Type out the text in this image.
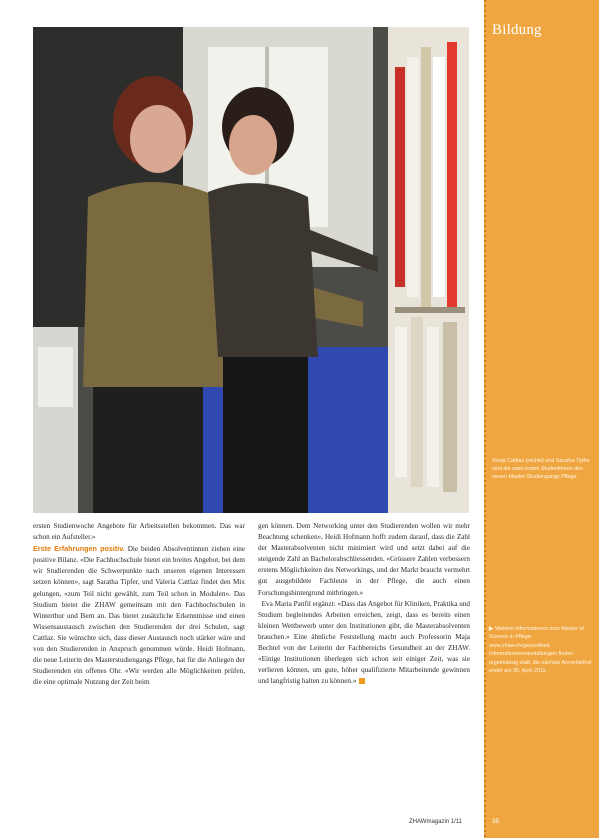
Bildung
Sonja Cattlaz (rechts) und Saratha Tipfer sind die zwei ersten Studentinnen des neuen Master-Studiengangs Pflege.
▶ Weitere Informationen zum Master of Science in Pflege: www.zhaw.ch/gesundheit. Informationsveranstaltungen finden regelmässig statt; die nächste Anmeldefrist endet am 30. April 2011.

ersten Studienwoche Angebote für Arbeitsstellen bekommen. Das war schon ein Aufsteller.»

Erste Erfahrungen positiv. Die beiden Absolventinnen ziehen eine positive Bilanz. «Die Fachhochschule bietet ein breites Angebot, bei dem wir Studierenden die Schwerpunkte nach unseren eigenen Interessen setzen können», sagt Saratha Tipfer, und Valeria Cattlaz findet den Mix gelungen, «zum Teil nicht gewählt, zum Teil schon in Modulen». Das Studium bietet die ZHAW gemeinsam mit den Fachhochschulen in Winterthur und Bern an. Das bietet zusätzliche Erkenntnisse und einen Wissensaustausch zwischen den Studierenden der drei Schulen, sagt Cattlaz. Sie wünschte sich, dass dieser Austausch noch stärker wäre und von den Studierenden in Anspruch genommen würde. Heidi Hofmann, die neue Leiterin des Masterstudiengangs Pflege, hat für die Anliegen der Studierenden ein offenes Ohr. «Wir werden alle Möglichkeiten prüfen, die eine optimale Nutzung der Zeit beim

gen können. Dem Networking unter den Studierenden wollen wir mehr Beachtung schenken», Heidi Hofmann hofft zudem darauf, dass die Zahl der Masterabsolventen nicht minimiert wird und setzt dabei auf die steigende Zahl an Bachelorabschliessenden. «Grössere Zahlen verbessern erstens Möglichkeiten des Networkings, und der Markt braucht vermehrt gut ausgebildete Fachleute in der Pflege, die auch einen Forschungshintergrund mitbringen.»

Eva Maria Panfil ergänzt: «Dass das Angebot für Kliniken, Praktika und Studium begleitendes Arbeiten erreichen, zeigt, dass es bereits einen kleinen Wettbewerb unter den Institutionen gibt, die Masterabsolventen brauchen.» Eine ähnliche Feststellung macht auch Professorin Maja Bechtel von der Leiterin der Fachbereichs Gesundheit an der ZHAW. «Einige Institutionen überlegen sich schon seit einiger Zeit, was sie verlieren können, um gute, höher qualifizierte Mitarbeitende gewinnen und langfristig halten zu können.»

ZHAWmagazin 1/11	35
